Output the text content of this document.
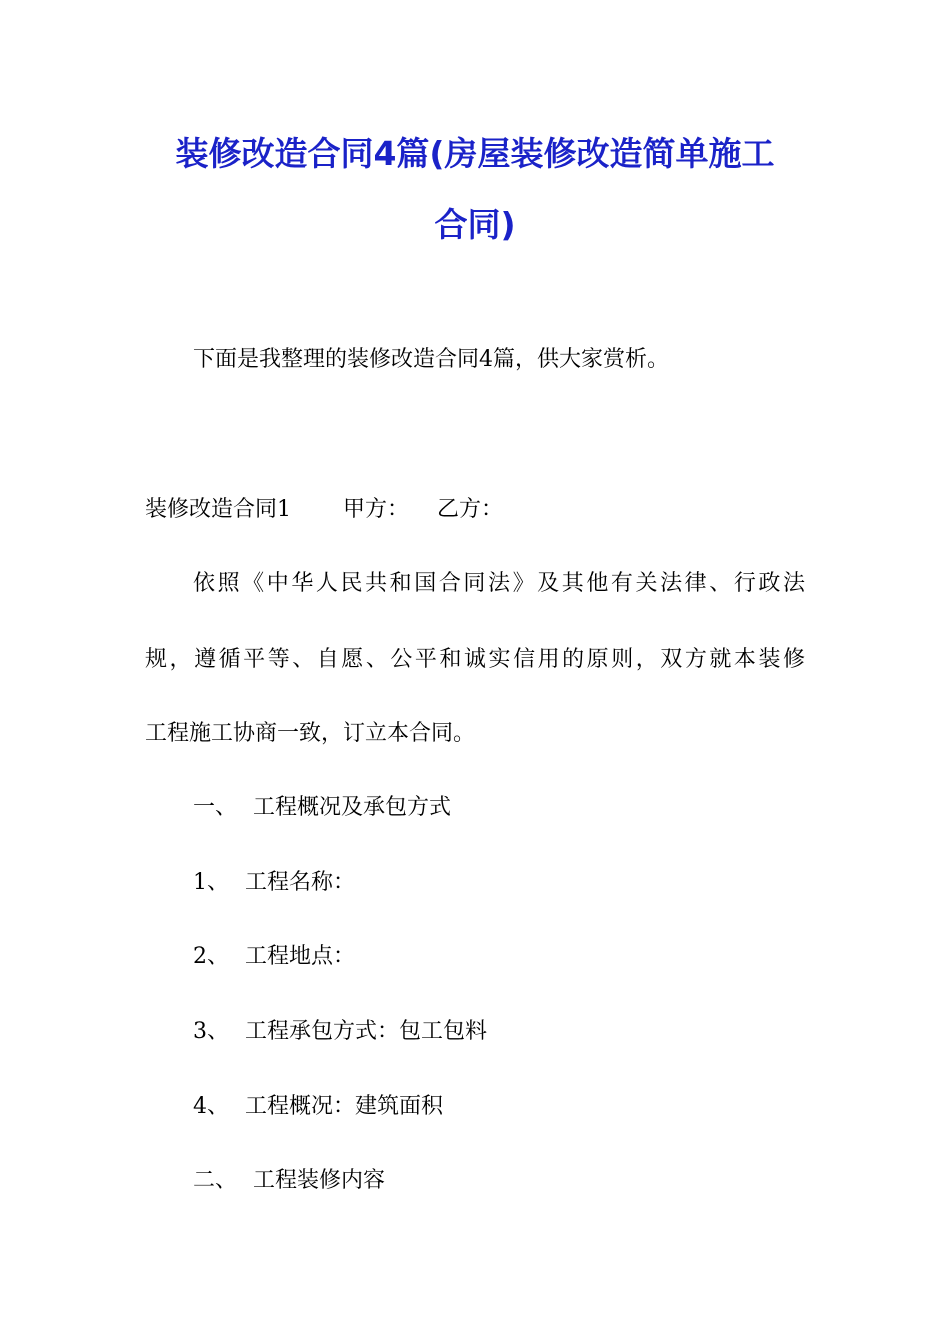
装修改造合同4篇(房屋装修改造简单施工
合同)
下面是我整理的装修改造合同4篇，供大家赏析。
装修改造合同1 甲方： 乙方：
依照《中华人民共和国合同法》及其他有关法律、行政法
规，遵循平等、自愿、公平和诚实信用的原则，双方就本装修
工程施工协商一致，订立本合同。
一、 工程概况及承包方式
1、 工程名称：
2、 工程地点：
3、 工程承包方式：包工包料
4、 工程概况：建筑面积
二、 工程装修内容
